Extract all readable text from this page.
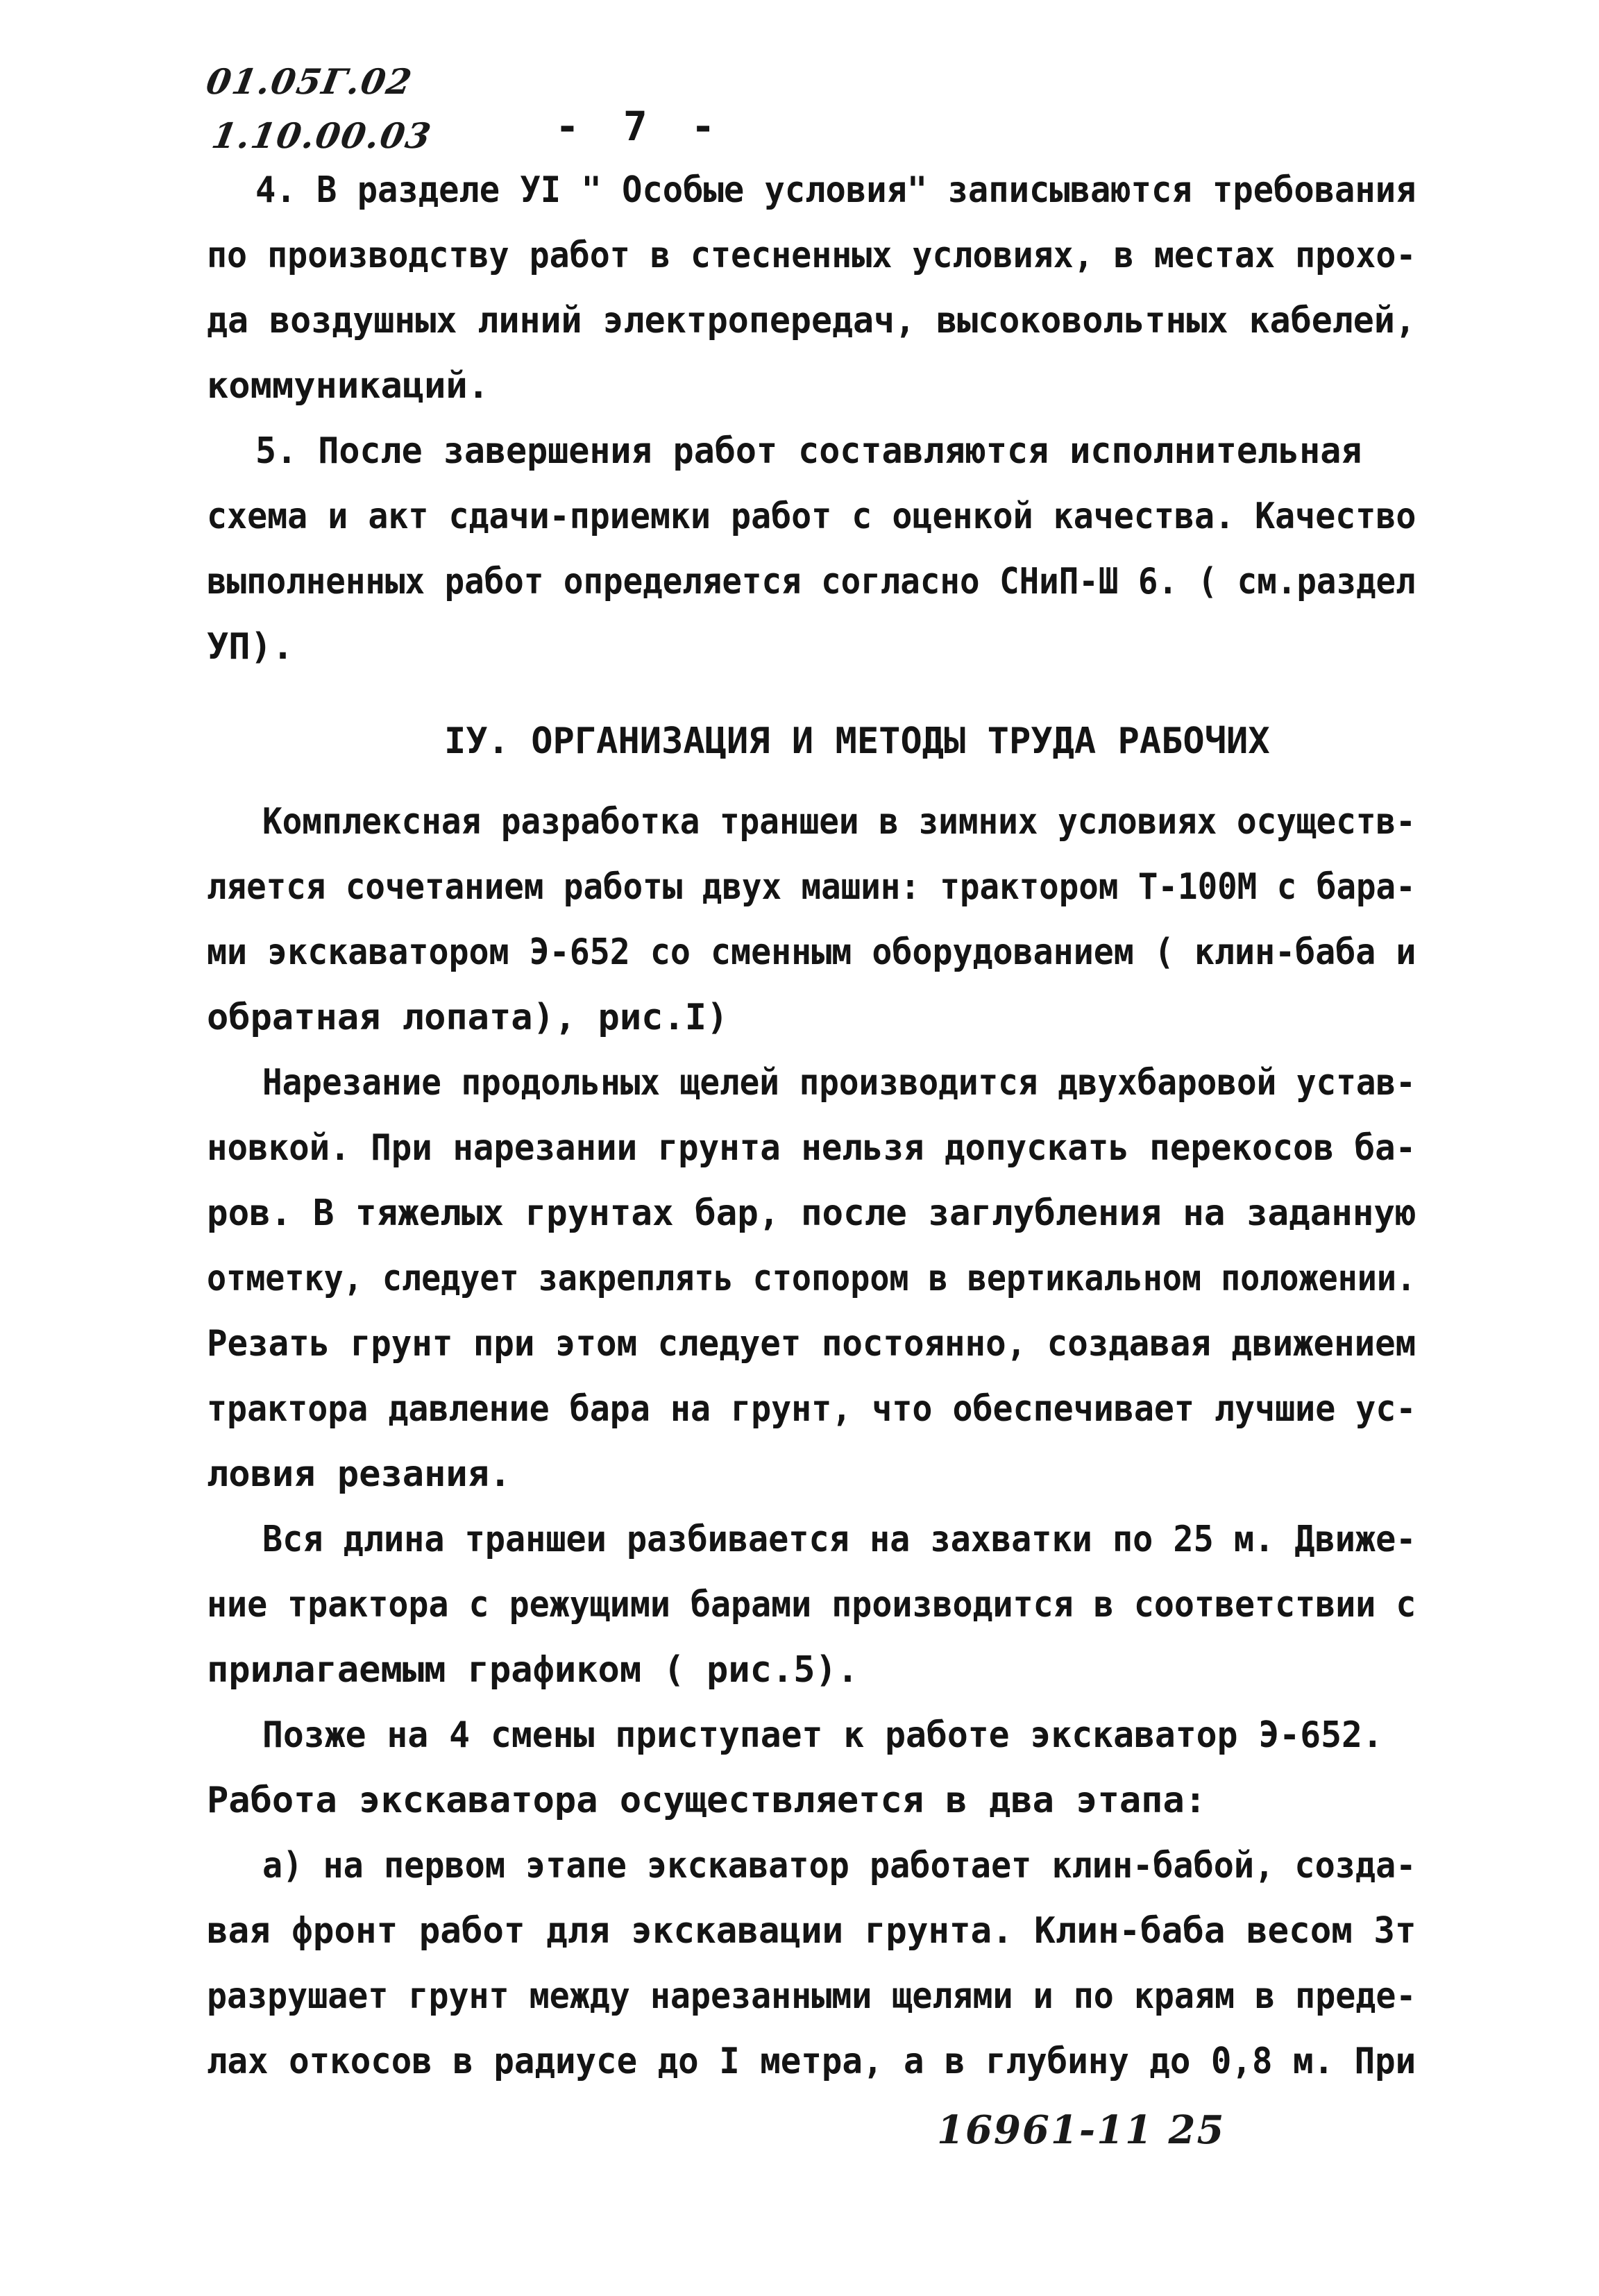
01.05Г.02
1.10.00.03	- 7 -
4. В разделе УI " Особые условия" записываются требования
по производству работ в стесненных условиях, в местах прохо-
да воздушных линий электропередач, высоковольтных кабелей,
коммуникаций.
5. После завершения работ составляются исполнительная
схема и акт сдачи-приемки работ с оценкой качества. Качество
выполненных работ определяется согласно СНиП-Ш 6. ( см.раздел
УП).
IУ. ОРГАНИЗАЦИЯ И МЕТОДЫ ТРУДА РАБОЧИХ
Комплексная разработка траншеи в зимних условиях осуществ-
ляется сочетанием работы двух машин: трактором Т-100М с бара-
ми экскаватором Э-652 со сменным оборудованием ( клин-баба и
обратная лопата), рис.I)
Нарезание продольных щелей производится двухбаровой устав-
новкой. При нарезании грунта нельзя допускать перекосов ба-
ров. В тяжелых грунтах бар, после заглубления на заданную
отметку, следует закреплять стопором в вертикальном положении.
Резать грунт при этом следует постоянно, создавая движением
трактора давление бара на грунт, что обеспечивает лучшие ус-
ловия резания.
Вся длина траншеи разбивается на захватки по 25 м. Движе-
ние трактора с режущими барами производится в соответствии с
прилагаемым графиком ( рис.5).
Позже на 4 смены приступает к работе экскаватор Э-652.
Работа экскаватора осуществляется в два этапа:
а) на первом этапе экскаватор работает клин-бабой, созда-
вая фронт работ для экскавации грунта. Клин-баба весом 3т
разрушает грунт между нарезанными щелями и по краям в преде-
лах откосов в радиусе до I метра, а в глубину до 0,8 м. При
16961-11 25
